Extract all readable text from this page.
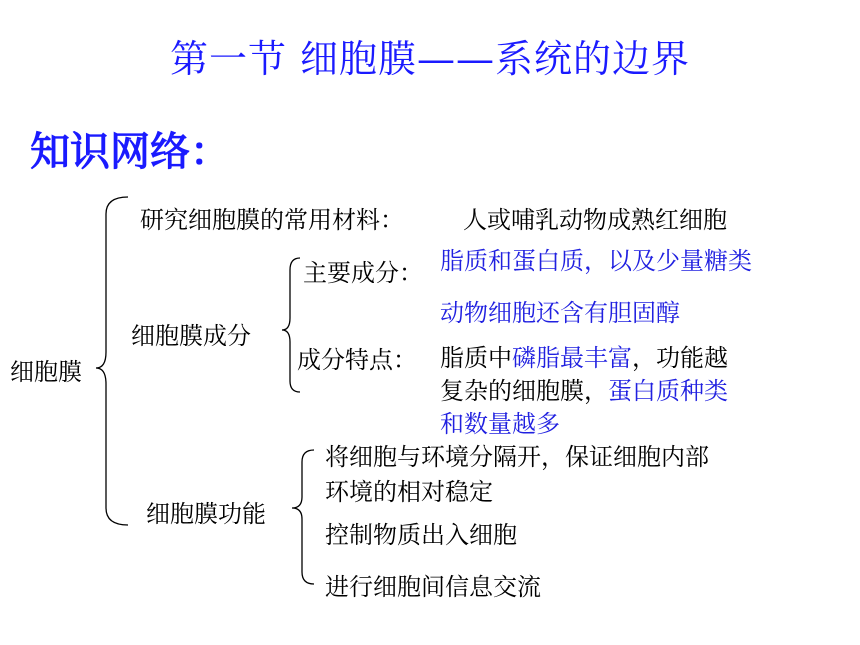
第一节 细胞膜——系统的边界
知识网络：
细胞膜
研究细胞膜的常用材料： 人或哺乳动物成熟红细胞
细胞膜成分
主要成分： 脂质和蛋白质，以及少量糖类
动物细胞还含有胆固醇
成分特点： 脂质中磷脂最丰富，功能越
复杂的细胞膜，蛋白质种类
和数量越多
细胞膜功能
将细胞与环境分隔开，保证细胞内部
环境的相对稳定
控制物质出入细胞
进行细胞间信息交流
